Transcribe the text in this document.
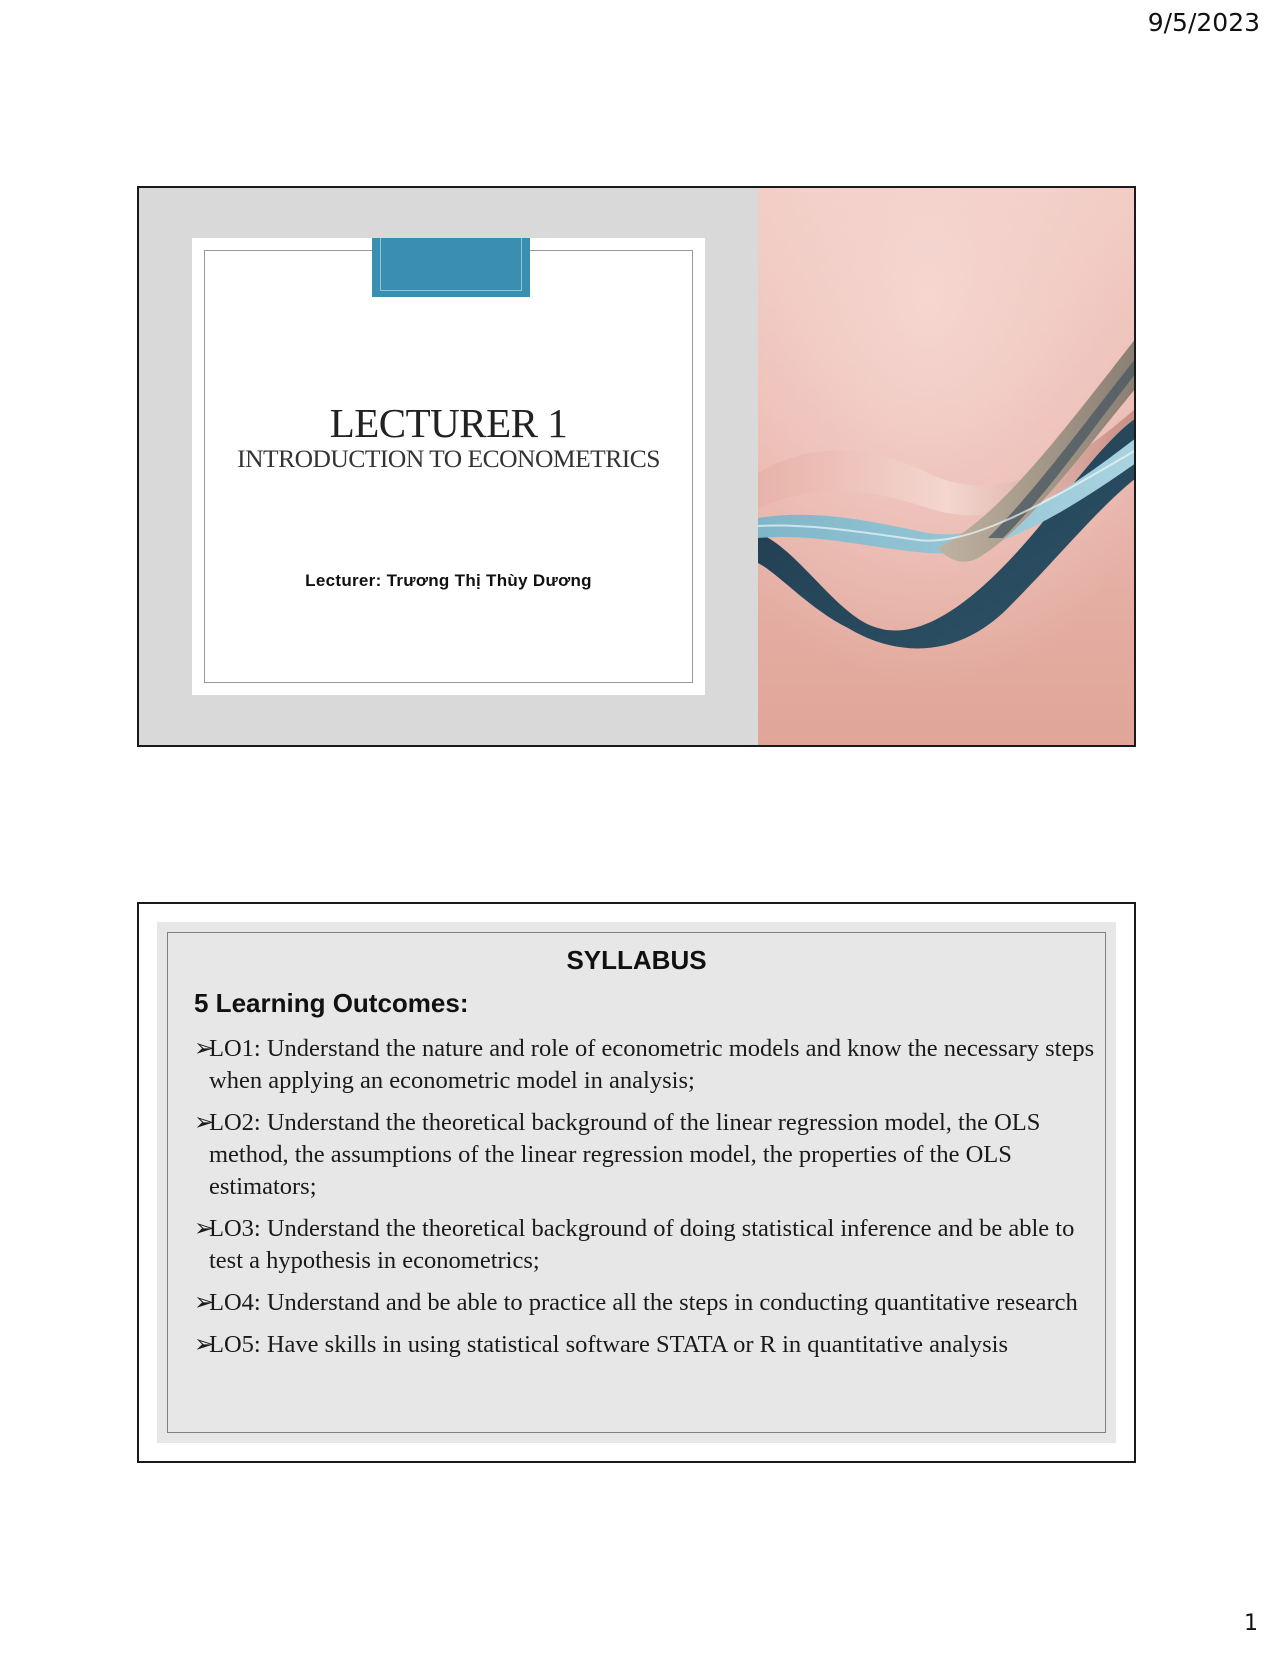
9/5/2023
LECTURER 1
INTRODUCTION TO ECONOMETRICS
Lecturer: Trương Thị Thùy Dương
SYLLABUS
5 Learning Outcomes:
➢
LO1: Understand the nature and role of econometric models and know the necessary steps when applying an econometric model in analysis;
➢
LO2: Understand the theoretical background of the linear regression model, the OLS method, the assumptions of the linear regression model, the properties of the OLS estimators;
➢
LO3: Understand the theoretical background of doing statistical inference and be able to test a hypothesis in econometrics;
➢
LO4: Understand and be able to practice all the steps in conducting quantitative research
➢
LO5: Have skills in using statistical software STATA or R in quantitative analysis
1
